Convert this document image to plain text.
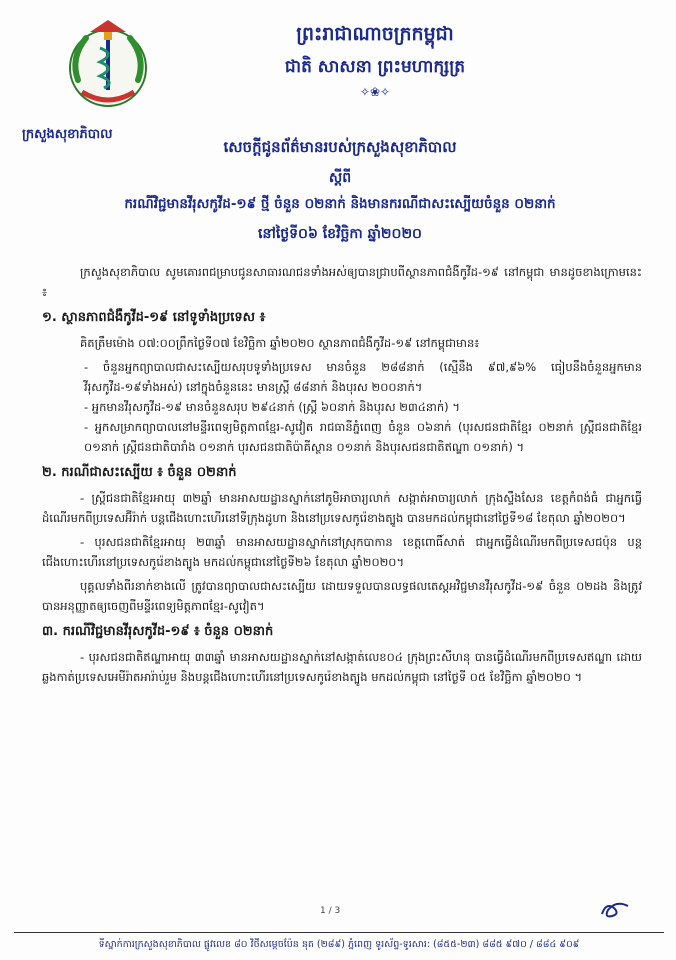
ក្រសួងសុខាភិបាល
ព្រះរាជាណាចក្រកម្ពុជា
ជាតិ សាសនា ព្រះមហាក្សត្រ
✧❀✧
សេចក្តីជូនព័ត៌មានរបស់ក្រសួងសុខាភិបាល
ស្តីពី
ករណីវិជ្ជមានវីរុសកូវីដ-១៩ ថ្មី ចំនួន ០២នាក់ និងមានករណីជាសះស្បើយចំនួន ០២នាក់
នៅថ្ងៃទី០៦ ខែវិច្ឆិកា ឆ្នាំ២០២០

ក្រសួងសុខាភិបាល សូមគោរពជម្រាបជូនសាធារណជនទាំងអស់ឲ្យបានជ្រាបពីស្ថានភាពជំងឺកូវីដ-១៩ នៅកម្ពុជា មានដូចខាងក្រោមនេះ ៖

១. ស្ថានភាពជំងឺកូវីដ-១៩ នៅទូទាំងប្រទេស ៖

គិតត្រឹមម៉ោង ០៧:០០ព្រឹកថ្ងៃទី០៧ ខែវិច្ឆិកា ឆ្នាំ២០២០ ស្ថានភាពជំងឺកូវីដ-១៩ នៅកម្ពុជាមាន៖

- ចំនួនអ្នកព្យាបាលជាសះស្បើយសរុបទូទាំងប្រទេស មានចំនួន ២៨៨នាក់ (ស្មើនឹង ៩៧,៩៦% ធៀបនឹងចំនួនអ្នកមានវីរុសកូវីដ-១៩ទាំងអស់) នៅក្នុងចំនួននេះ មានស្ត្រី ៨៨នាក់ និងបុរស ២០០នាក់។

- អ្នកមានវីរុសកូវីដ-១៩ មានចំនួនសរុប ២៩៤នាក់ (ស្ត្រី ៦០នាក់ និងបុរស ២៣៤នាក់) ។

- អ្នកសម្រាកព្យាបាលនៅមន្ទីរពេទ្យមិត្តភាពខ្មែរ-សូវៀត រាជធានីភ្នំពេញ ចំនួន ០៦នាក់ (បុរសជនជាតិខ្មែរ ០២នាក់ ស្ត្រីជនជាតិខ្មែរ ០១នាក់ ស្ត្រីជនជាតិបារាំង ០១នាក់ បុរសជនជាតិប៉ាគីស្ថាន ០១នាក់ និងបុរសជនជាតិឥណ្ឌា ០១នាក់) ។

២. ករណីជាសះស្បើយ ៖ ចំនួន ០២នាក់

- ស្ត្រីជនជាតិខ្មែរអាយុ ៣២ឆ្នាំ មានអាសយដ្ឋានស្នាក់នៅភូមិអាចារ្យលាក់ សង្កាត់អាចារ្យលាក់ ក្រុងស្ទឹងសែន ខេត្តកំពង់ធំ ជាអ្នកធ្វើដំណើរមកពីប្រទេសអ៊ីរ៉ាក់ បន្តជើងហោះហើរនៅទីក្រុងដូហា និងនៅប្រទេសកូរ៉េខាងត្បូង បានមកដល់កម្ពុជានៅថ្ងៃទី១៨ ខែតុលា ឆ្នាំ២០២០។

- បុរសជនជាតិខ្មែរអាយុ ២៣ឆ្នាំ មានអាសយដ្ឋានស្នាក់នៅស្រុកបាកាន ខេត្តពោធិ៍សាត់ ជាអ្នកធ្វើដំណើរមកពីប្រទេសជប៉ុន បន្តជើងហោះហើរនៅប្រទេសកូរ៉េខាងត្បូង មកដល់កម្ពុជានៅថ្ងៃទី២៦ ខែតុលា ឆ្នាំ២០២០។

បុគ្គលទាំងពីរនាក់ខាងលើ ត្រូវបានព្យាបាលជាសះស្បើយ ដោយទទួលបានលទ្ធផលតេស្តអវិជ្ជមានវីរុសកូវីដ-១៩ ចំនួន ០២ដង និងត្រូវបានអនុញ្ញាតឲ្យចេញពីមន្ទីរពេទ្យមិត្តភាពខ្មែរ-សូវៀត។

៣. ករណីវិជ្ជមានវីរុសកូវីដ-១៩ ៖ ចំនួន ០២នាក់

- បុរសជនជាតិឥណ្ឌាអាយុ ៣៣ឆ្នាំ មានអាសយដ្ឋានស្នាក់នៅសង្កាត់លេខ០៤ ក្រុងព្រះសីហនុ បានធ្វើដំណើរមកពីប្រទេសឥណ្ឌា ដោយឆ្លងកាត់ប្រទេសអេមីរ៉ាតអារ៉ាប់រួម និងបន្តជើងហោះហើរនៅប្រទេសកូរ៉េខាងត្បូង មកដល់កម្ពុជា នៅថ្ងៃទី ០៥ ខែវិច្ឆិកា ឆ្នាំ២០២០ ។

1 / 3
ទីស្នាក់ការក្រសួងសុខាភិបាល ផ្លូវលេខ ៨០ វិថីសម្តេចប៉ែន នុត (២៨៩) ភ្នំពេញ ទូរស័ព្ទ-ទូរសារ: (៨៥៥-២៣) ៨៨៥ ៩៧០ / ៨៨៤ ៩០៩
